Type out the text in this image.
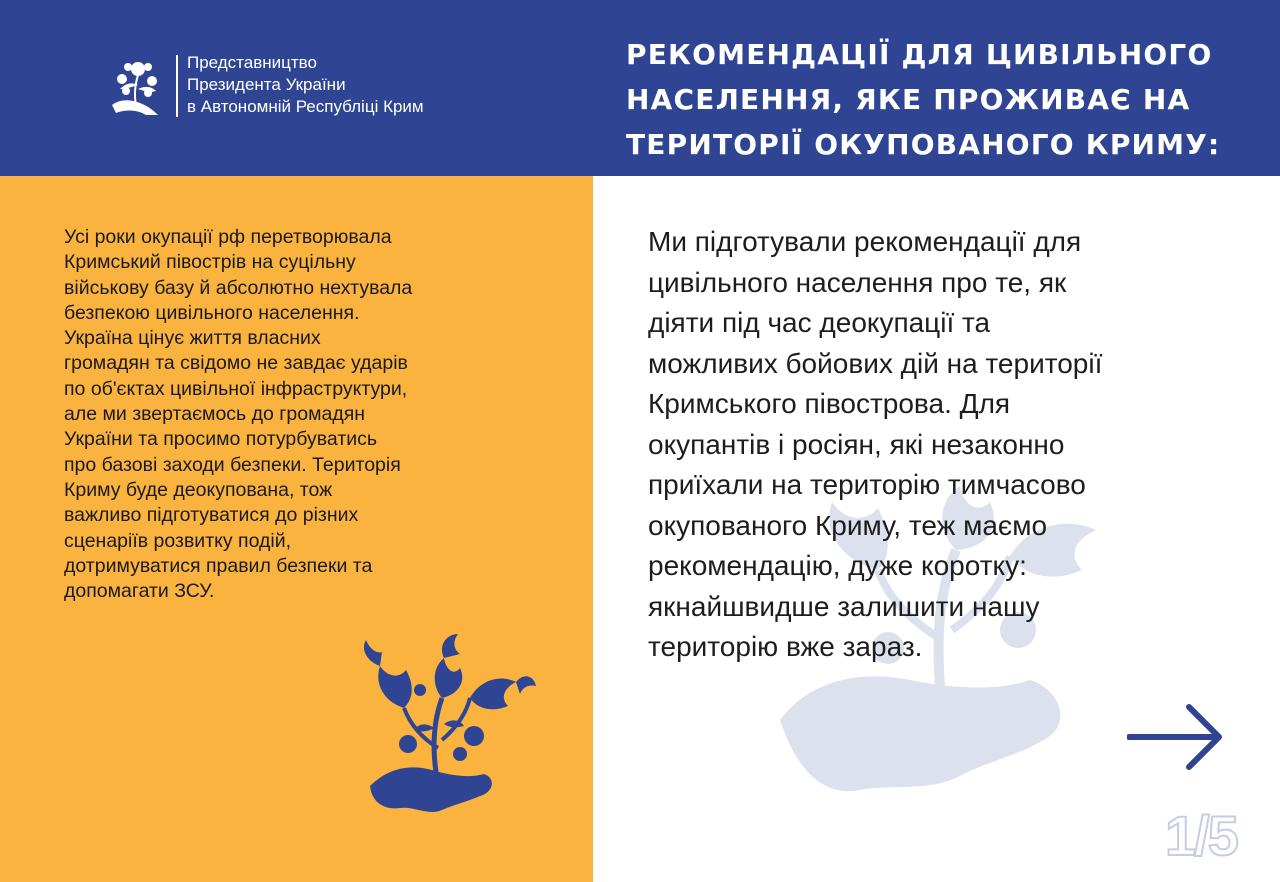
Представництво
Президента України
в Автономній Республіці Крим
РЕКОМЕНДАЦІЇ ДЛЯ ЦИВІЛЬНОГО
НАСЕЛЕННЯ, ЯКЕ ПРОЖИВАЄ НА
ТЕРИТОРІЇ ОКУПОВАНОГО КРИМУ:
Усі роки окупації рф перетворювала
Кримський півострів на суцільну
військову базу й абсолютно нехтувала
безпекою цивільного населення.
Україна цінує життя власних
громадян та свідомо не завдає ударів
по об'єктах цивільної інфраструктури,
але ми звертаємось до громадян
України та просимо потурбуватись
про базові заходи безпеки. Територія
Криму буде деокупована, тож
важливо підготуватися до різних
сценаріїв розвитку подій,
дотримуватися правил безпеки та
допомагати ЗСУ.
Ми підготували рекомендації для
цивільного населення про те, як
діяти під час деокупації та
можливих бойових дій на території
Кримського півострова. Для
окупантів і росіян, які незаконно
приїхали на територію тимчасово
окупованого Криму, теж маємо
рекомендацію, дуже коротку:
якнайшвидше залишити нашу
територію вже зараз.
1/5
